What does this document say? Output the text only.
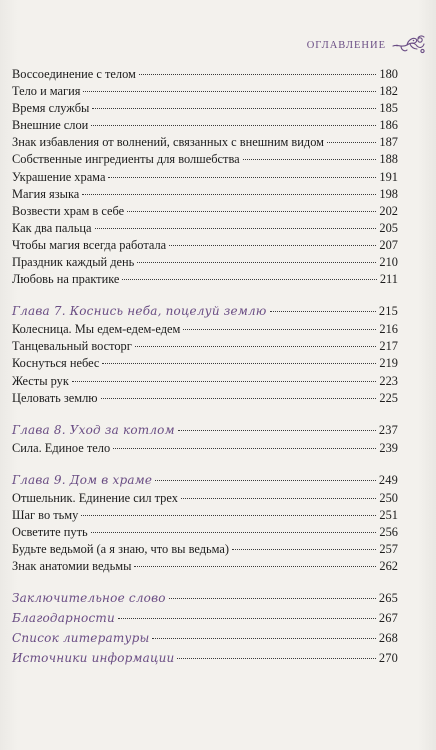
ОГЛАВЛЕНИЕ
Воссоединение с телом	180
Тело и магия	182
Время службы	185
Внешние слои	186
Знак избавления от волнений, связанных с внешним видом	187
Собственные ингредиенты для волшебства	188
Украшение храма	191
Магия языка	198
Возвести храм в себе	202
Как два пальца	205
Чтобы магия всегда работала	207
Праздник каждый день	210
Любовь на практике	211
Глава 7. Коснись неба, поцелуй землю	215
Колесница. Мы едем-едем-едем	216
Танцевальный восторг	217
Коснуться небес	219
Жесты рук	223
Целовать землю	225
Глава 8. Уход за котлом	237
Сила. Единое тело	239
Глава 9. Дом в храме	249
Отшельник. Единение сил трех	250
Шаг во тьму	251
Осветите путь	256
Будьте ведьмой (а я знаю, что вы ведьма)	257
Знак анатомии ведьмы	262
Заключительное слово	265
Благодарности	267
Список литературы	268
Источники информации	270
